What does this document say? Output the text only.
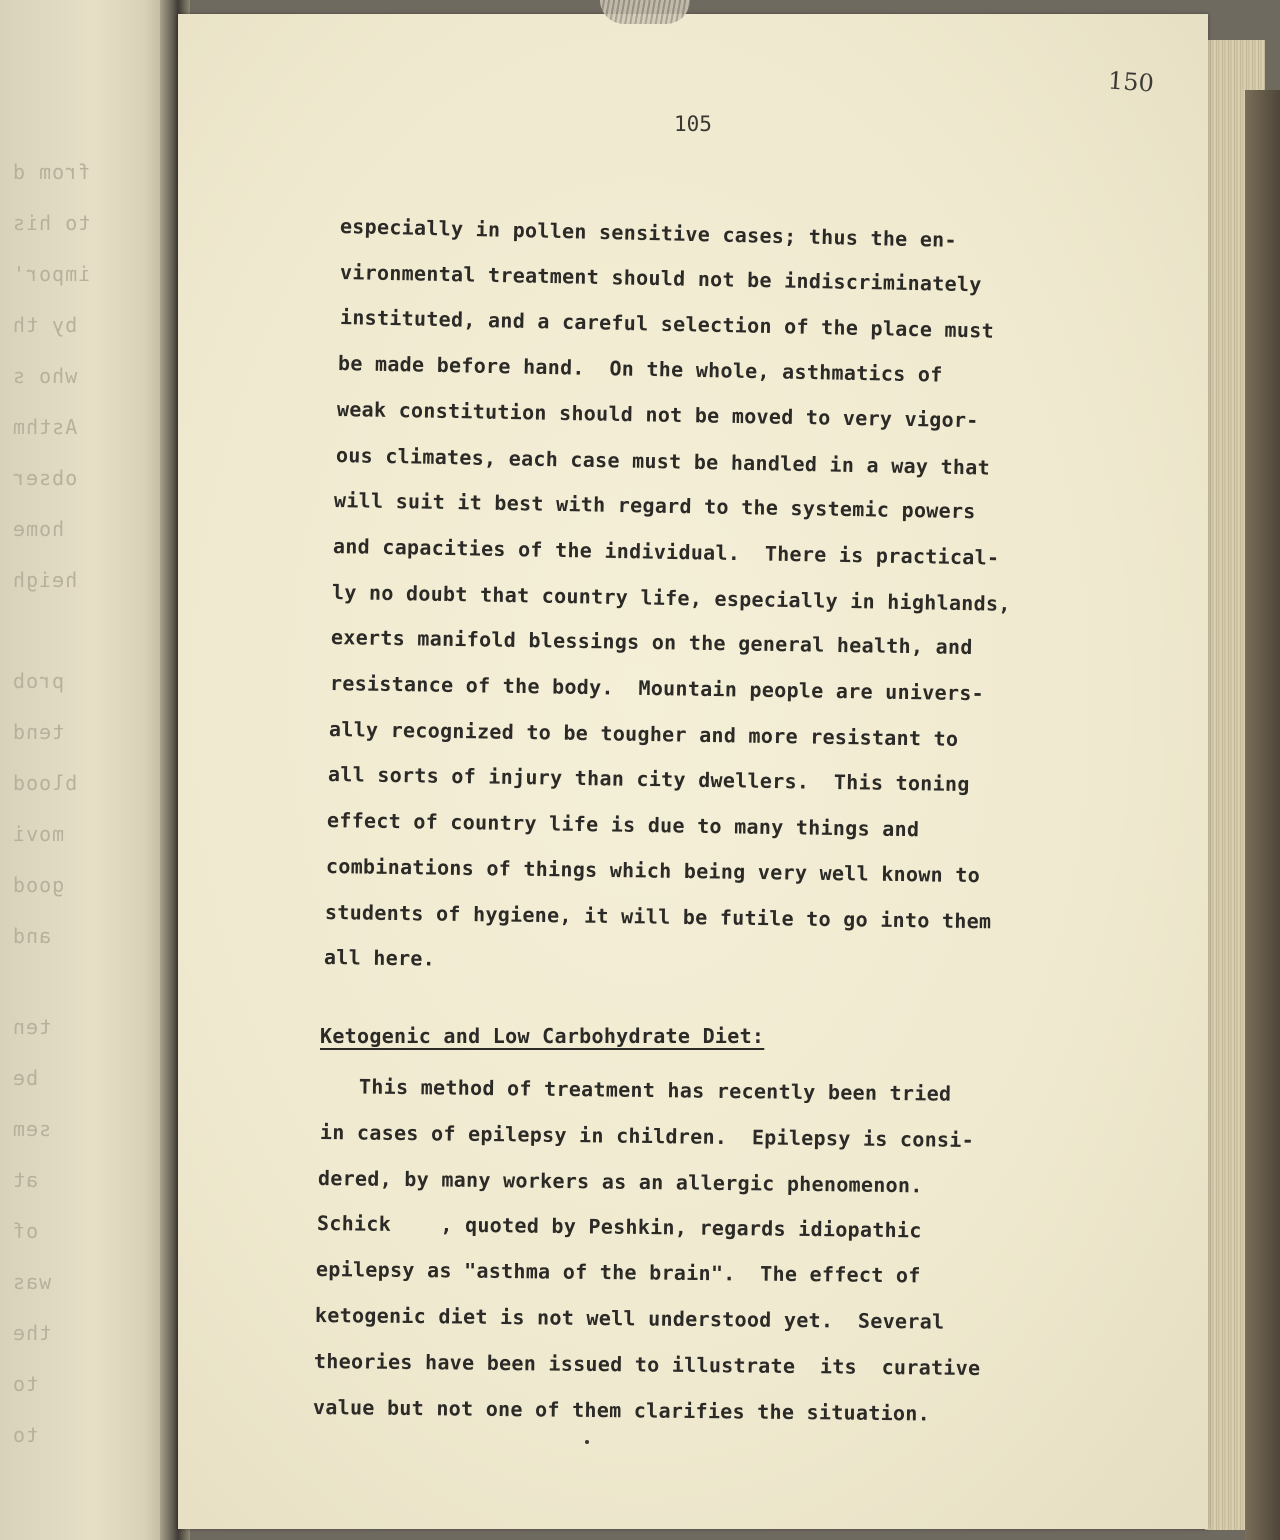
from d
to his
impor'
by th
who s
Asthm
obser
home
heigh
prob
tend
blood
movi
good
and
ten
be
sem
at
of
was
the
to
to
150
105
especially in pollen sensitive cases; thus the en-
vironmental treatment should not be indiscriminately
instituted, and a careful selection of the place must
be made before hand.  On the whole, asthmatics of
weak constitution should not be moved to very vigor-
ous climates, each case must be handled in a way that
will suit it best with regard to the systemic powers
and capacities of the individual.  There is practical-
ly no doubt that country life, especially in highlands,
exerts manifold blessings on the general health, and
resistance of the body.  Mountain people are univers-
ally recognized to be tougher and more resistant to
all sorts of injury than city dwellers.  This toning
effect of country life is due to many things and
combinations of things which being very well known to
students of hygiene, it will be futile to go into them
all here.
Ketogenic and Low Carbohydrate Diet:
This method of treatment has recently been tried
in cases of epilepsy in children.  Epilepsy is consi-
dered, by many workers as an allergic phenomenon.
Schick    , quoted by Peshkin, regards idiopathic
epilepsy as "asthma of the brain".  The effect of
ketogenic diet is not well understood yet.  Several
theories have been issued to illustrate  its  curative
value but not one of them clarifies the situation.
